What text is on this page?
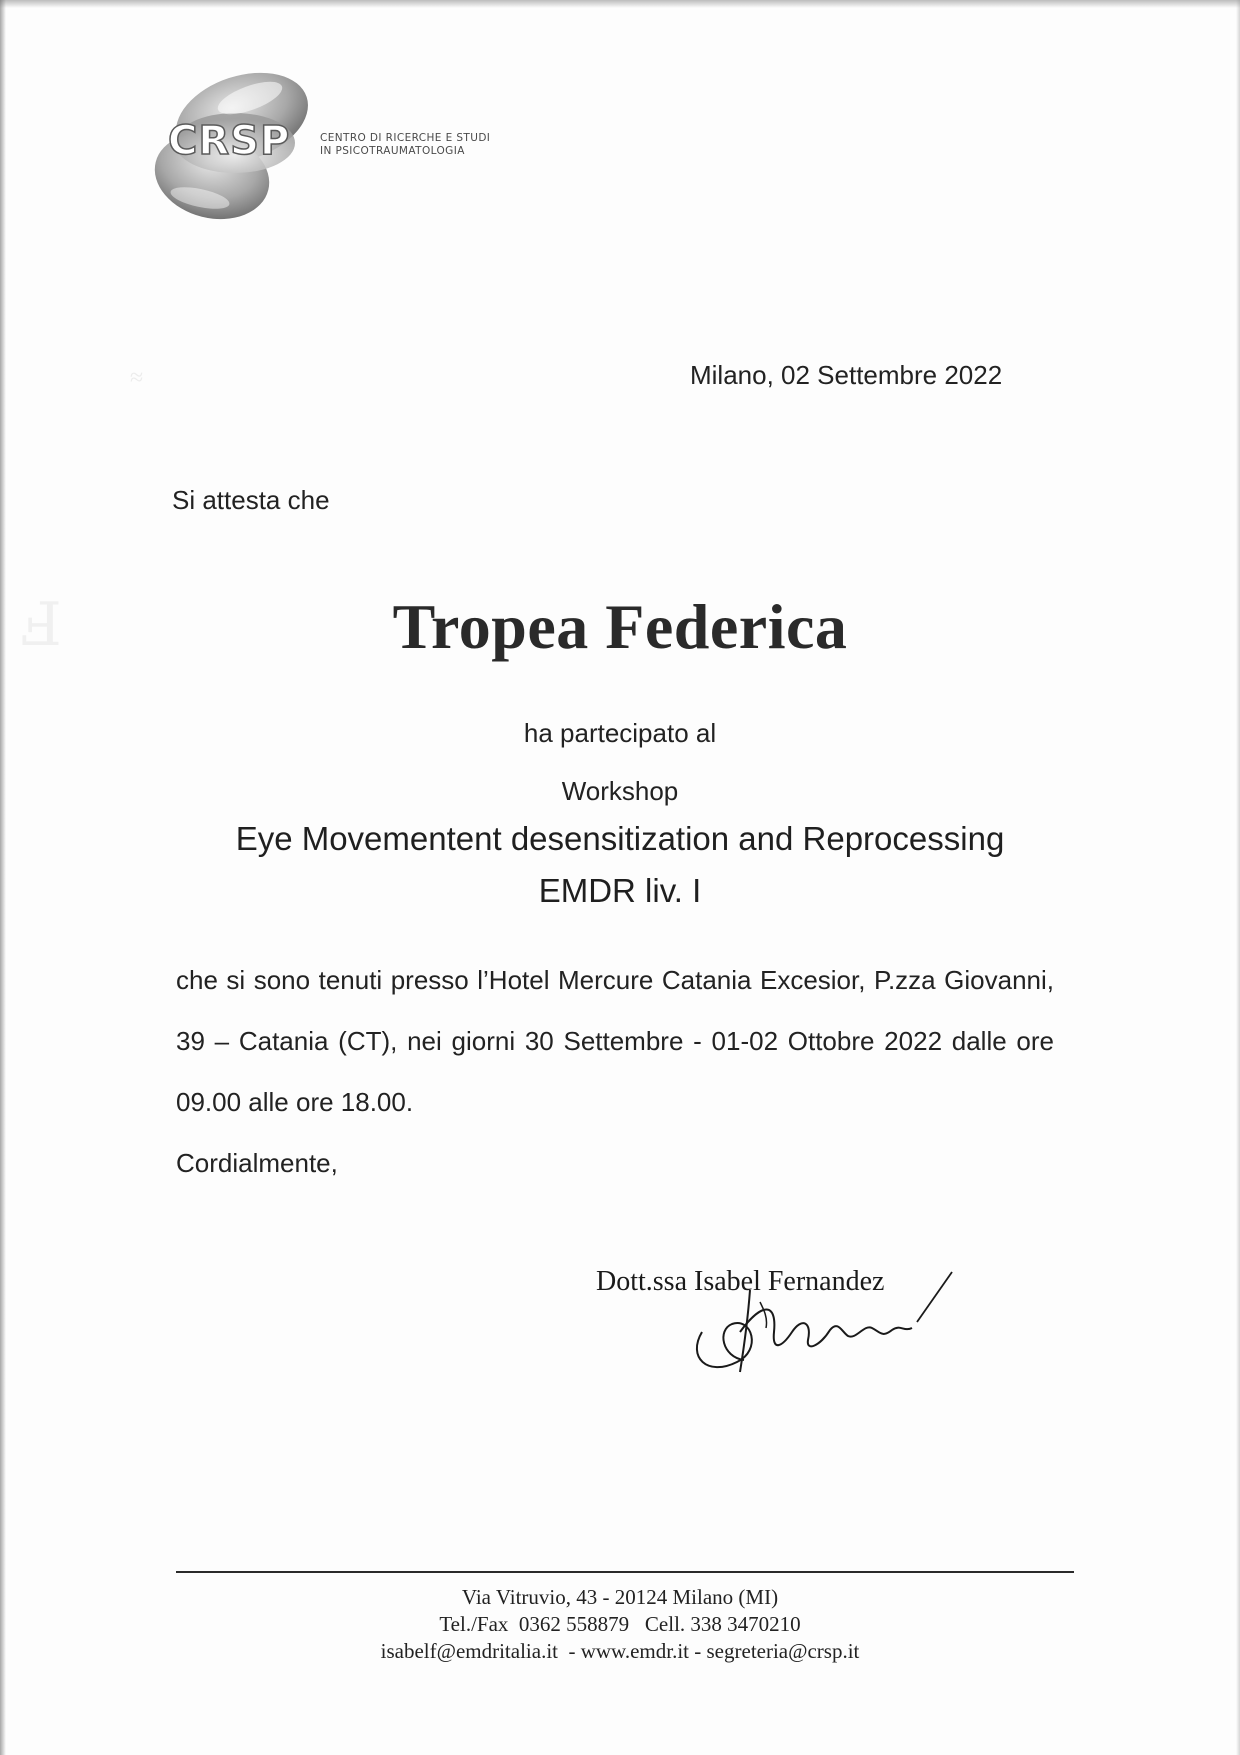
≈
Ⅎ
CRSP	CENTRO DI RICERCHE E STUDI
IN PSICOTRAUMATOLOGIA
Milano, 02 Settembre 2022
Si attesta che
Tropea Federica
ha partecipato al
Workshop
Eye Movementent desensitization and Reprocessing
EMDR liv. I
che si sono tenuti presso l’Hotel Mercure Catania Excesior, P.zza Giovanni, 39 – Catania (CT), nei giorni 30 Settembre - 01-02 Ottobre 2022 dalle ore 09.00 alle ore 18.00.
Cordialmente,
Dott.ssa Isabel Fernandez
Via Vitruvio, 43 - 20124 Milano (MI)
Tel./Fax  0362 558879   Cell. 338 3470210
isabelf@emdritalia.it  - www.emdr.it - segreteria@crsp.it
